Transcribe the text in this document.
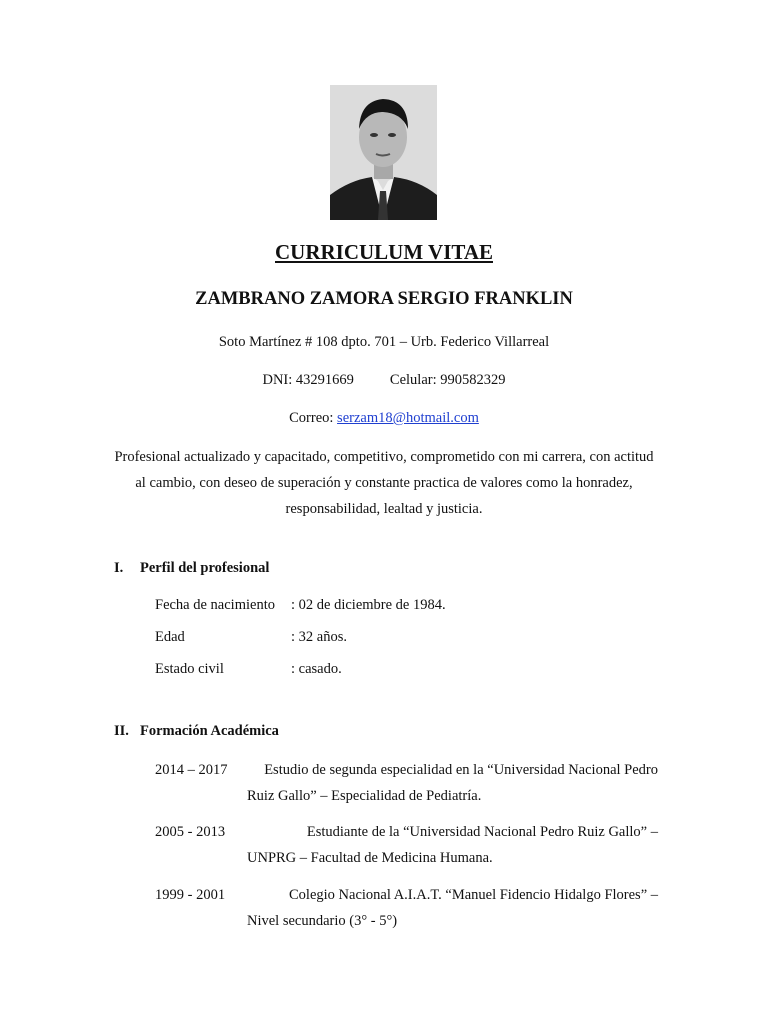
CURRICULUM VITAE
ZAMBRANO ZAMORA SERGIO FRANKLIN
Soto Martínez # 108 dpto. 701 – Urb. Federico Villarreal
DNI: 43291669 Celular: 990582329
Correo: serzam18@hotmail.com
Profesional actualizado y capacitado, competitivo, comprometido con mi carrera, con actitud al cambio, con deseo de superación y constante practica de valores como la honradez, responsabilidad, lealtad y justicia.
I. Perfil del profesional
Fecha de nacimiento : 02 de diciembre de 1984.
Edad	: 32 años.
Estado civil	: casado.
II. Formación Académica
2014 – 2017	Estudio de segunda especialidad en la “Universidad Nacional Pedro
Ruiz Gallo” – Especialidad de Pediatría.
2005 - 2013	Estudiante de la “Universidad Nacional Pedro Ruiz Gallo” –
UNPRG – Facultad de Medicina Humana.
1999 - 2001	Colegio Nacional A.I.A.T. “Manuel Fidencio Hidalgo Flores” –
Nivel secundario (3° - 5°)
